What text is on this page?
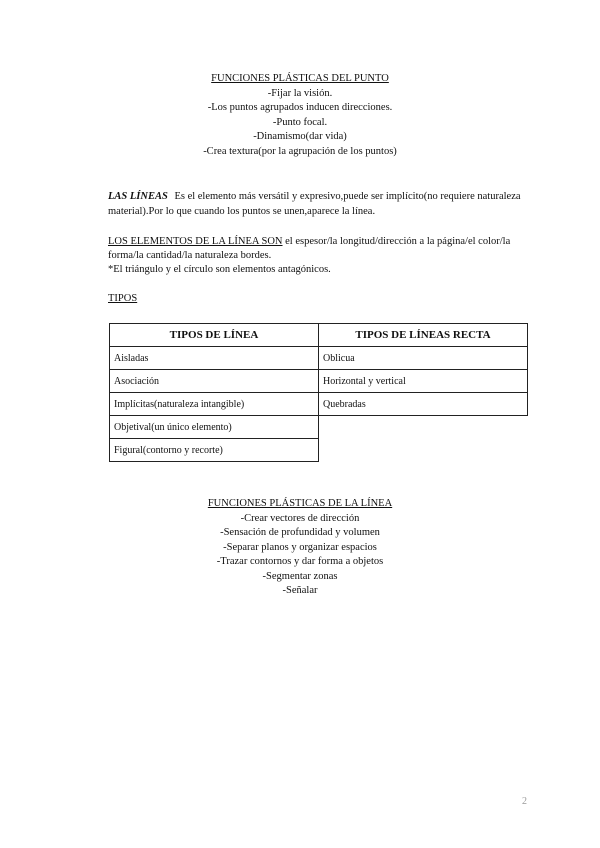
FUNCIONES PLÁSTICAS DEL PUNTO
-Fijar la visión.
-Los puntos agrupados inducen direcciones.
-Punto focal.
-Dinamismo(dar vida)
-Crea textura(por la agrupación de los puntos)
LAS LÍNEAS Es el elemento más versátil y expresivo,puede ser implícito(no requiere naturaleza material).Por lo que cuando los puntos se unen,aparece la línea.
LOS ELEMENTOS DE LA LÍNEA SON el espesor/la longitud/dirección a la página/el color/la forma/la cantidad/la naturaleza bordes.
*El triángulo y el círculo son elementos antagónicos.
TIPOS
TIPOS DE LÍNEA	TIPOS DE LÍNEAS RECTA
Aisladas	Oblicua
Asociación	Horizontal y vertical
Implícitas(naturaleza intangible)	Quebradas
Objetival(un único elemento)	
Figural(contorno y recorte)	
FUNCIONES PLÁSTICAS DE LA LÍNEA
-Crear vectores de dirección
-Sensación de profundidad y volumen
-Separar planos y organizar espacios
-Trazar contornos y dar forma a objetos
-Segmentar zonas
-Señalar
2
